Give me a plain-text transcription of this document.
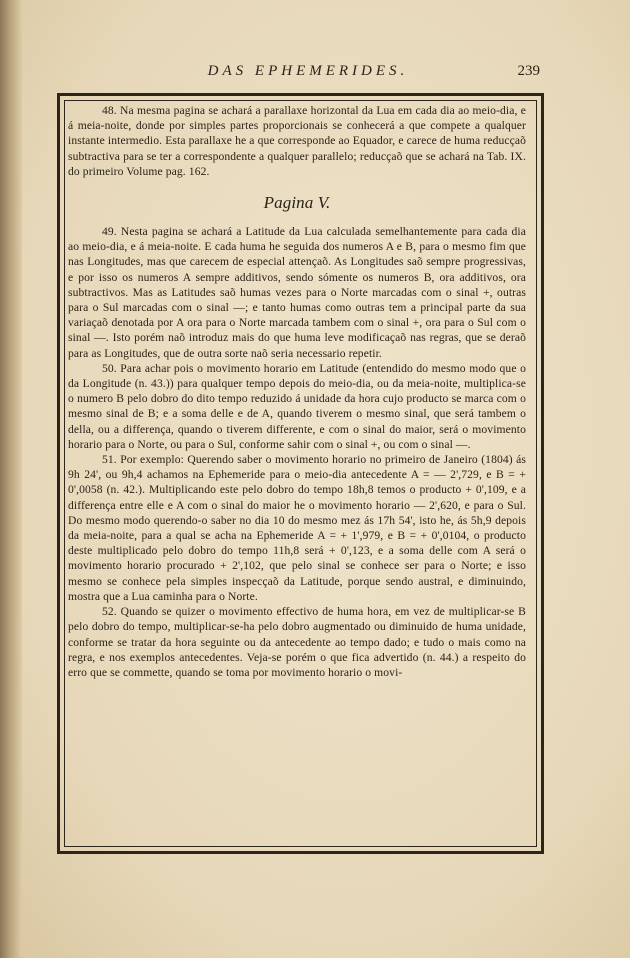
DAS EPHEMERIDES.	239

48. Na mesma pagina se achará a parallaxe horizontal da Lua em cada dia ao meio-dia, e á meia-noite, donde por simples partes proporcionais se conhecerá a que compete a qualquer instante intermedio. Esta parallaxe he a que corresponde ao Equador, e carece de huma reducçaõ subtractiva para se ter a correspondente a qualquer parallelo; reducçaõ que se achará na Tab. IX. do primeiro Volume pag. 162.

Pagina V.

49. Nesta pagina se achará a Latitude da Lua calculada semelhantemente para cada dia ao meio-dia, e á meia-noite. E cada huma he seguida dos numeros A e B, para o mesmo fim que nas Longitudes, mas que carecem de especial attençaõ. As Longitudes saõ sempre progressivas, e por isso os numeros A sempre additivos, sendo sómente os numeros B, ora additivos, ora subtractivos. Mas as Latitudes saõ humas vezes para o Norte marcadas com o sinal +, outras para o Sul marcadas com o sinal —; e tanto humas como outras tem a principal parte da sua variaçaõ denotada por A ora para o Norte marcada tambem com o sinal +, ora para o Sul com o sinal —. Isto porém naõ introduz mais do que huma leve modificaçaõ nas regras, que se deraõ para as Longitudes, que de outra sorte naõ seria necessario repetir.

50. Para achar pois o movimento horario em Latitude (entendido do mesmo modo que o da Longitude (n. 43.)) para qualquer tempo depois do meio-dia, ou da meia-noite, multiplica-se o numero B pelo dobro do dito tempo reduzido á unidade da hora cujo producto se marca com o mesmo sinal de B; e a soma delle e de A, quando tiverem o mesmo sinal, que será tambem o della, ou a differença, quando o tiverem differente, e com o sinal do maior, será o movimento horario para o Norte, ou para o Sul, conforme sahir com o sinal +, ou com o sinal —.

51. Por exemplo: Querendo saber o movimento horario no primeiro de Janeiro (1804) ás 9h 24', ou 9h,4 achamos na Ephemeride para o meio-dia antecedente A = — 2',729, e B = + 0',0058 (n. 42.). Multiplicando este pelo dobro do tempo 18h,8 temos o producto + 0',109, e a differença entre elle e A com o sinal do maior he o movimento horario — 2',620, e para o Sul. Do mesmo modo querendo-o saber no dia 10 do mesmo mez ás 17h 54', isto he, ás 5h,9 depois da meia-noite, para a qual se acha na Ephemeride A = + 1',979, e B = + 0',0104, o producto deste multiplicado pelo dobro do tempo 11h,8 será + 0',123, e a soma delle com A será o movimento horario procurado + 2',102, que pelo sinal se conhece ser para o Norte; e isso mesmo se conhece pela simples inspecçaõ da Latitude, porque sendo austral, e diminuindo, mostra que a Lua caminha para o Norte.

52. Quando se quizer o movimento effectivo de huma hora, em vez de multiplicar-se B pelo dobro do tempo, multiplicar-se-ha pelo dobro augmentado ou diminuido de huma unidade, conforme se tratar da hora seguinte ou da antecedente ao tempo dado; e tudo o mais como na regra, e nos exemplos antecedentes. Veja-se porém o que fica advertido (n. 44.) a respeito do erro que se commette, quando se toma por movimento horario o movi-
